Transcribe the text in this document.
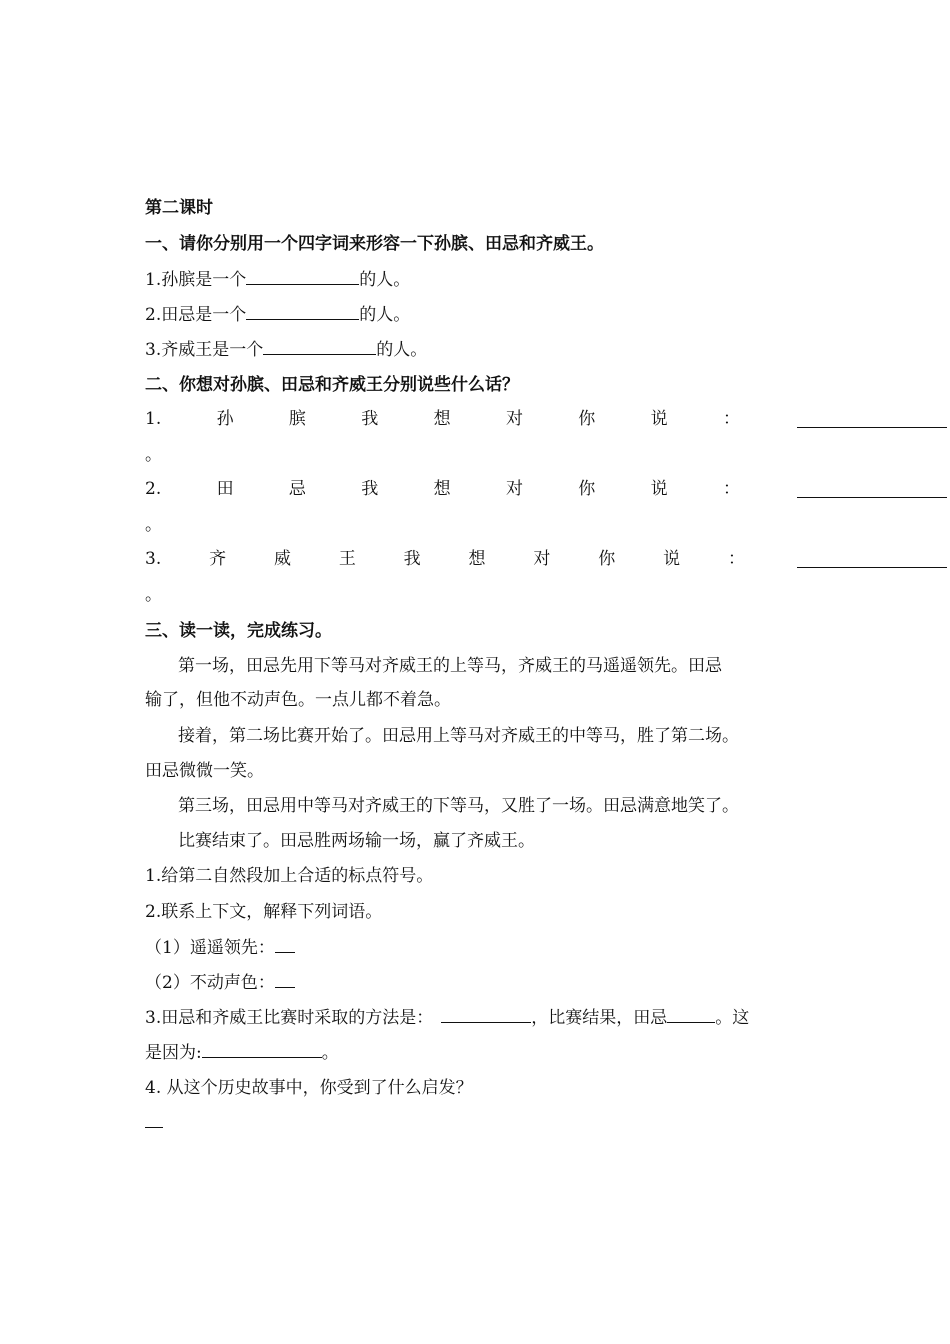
第二课时
一、请你分别用一个四字词来形容一下孙膑、田忌和齐威王。
1.孙膑是一个	的人。
2.田忌是一个	的人。
3.齐威王是一个	的人。
二、你想对孙膑、田忌和齐威王分别说些什么话？
1.	孙	膑	我	想	对	你	说	：
。
2.	田	忌	我	想	对	你	说	：
。
3.	齐	威	王	我	想	对	你	说	：
。
三、读一读，完成练习。
第一场，田忌先用下等马对齐威王的上等马，齐威王的马遥遥领先。田忌
输了，但他不动声色。一点儿都不着急。
接着，第二场比赛开始了。田忌用上等马对齐威王的中等马，胜了第二场。
田忌微微一笑。
第三场，田忌用中等马对齐威王的下等马，又胜了一场。田忌满意地笑了。
比赛结束了。田忌胜两场输一场，赢了齐威王。
1.给第二自然段加上合适的标点符号。
2.联系上下文，解释下列词语。
（1）遥遥领先：
（2）不动声色：
3.田忌和齐威王比赛时采取的方法是：	，比赛结果，田忌	。这
是因为:	。
4. 从这个历史故事中，你受到了什么启发？
